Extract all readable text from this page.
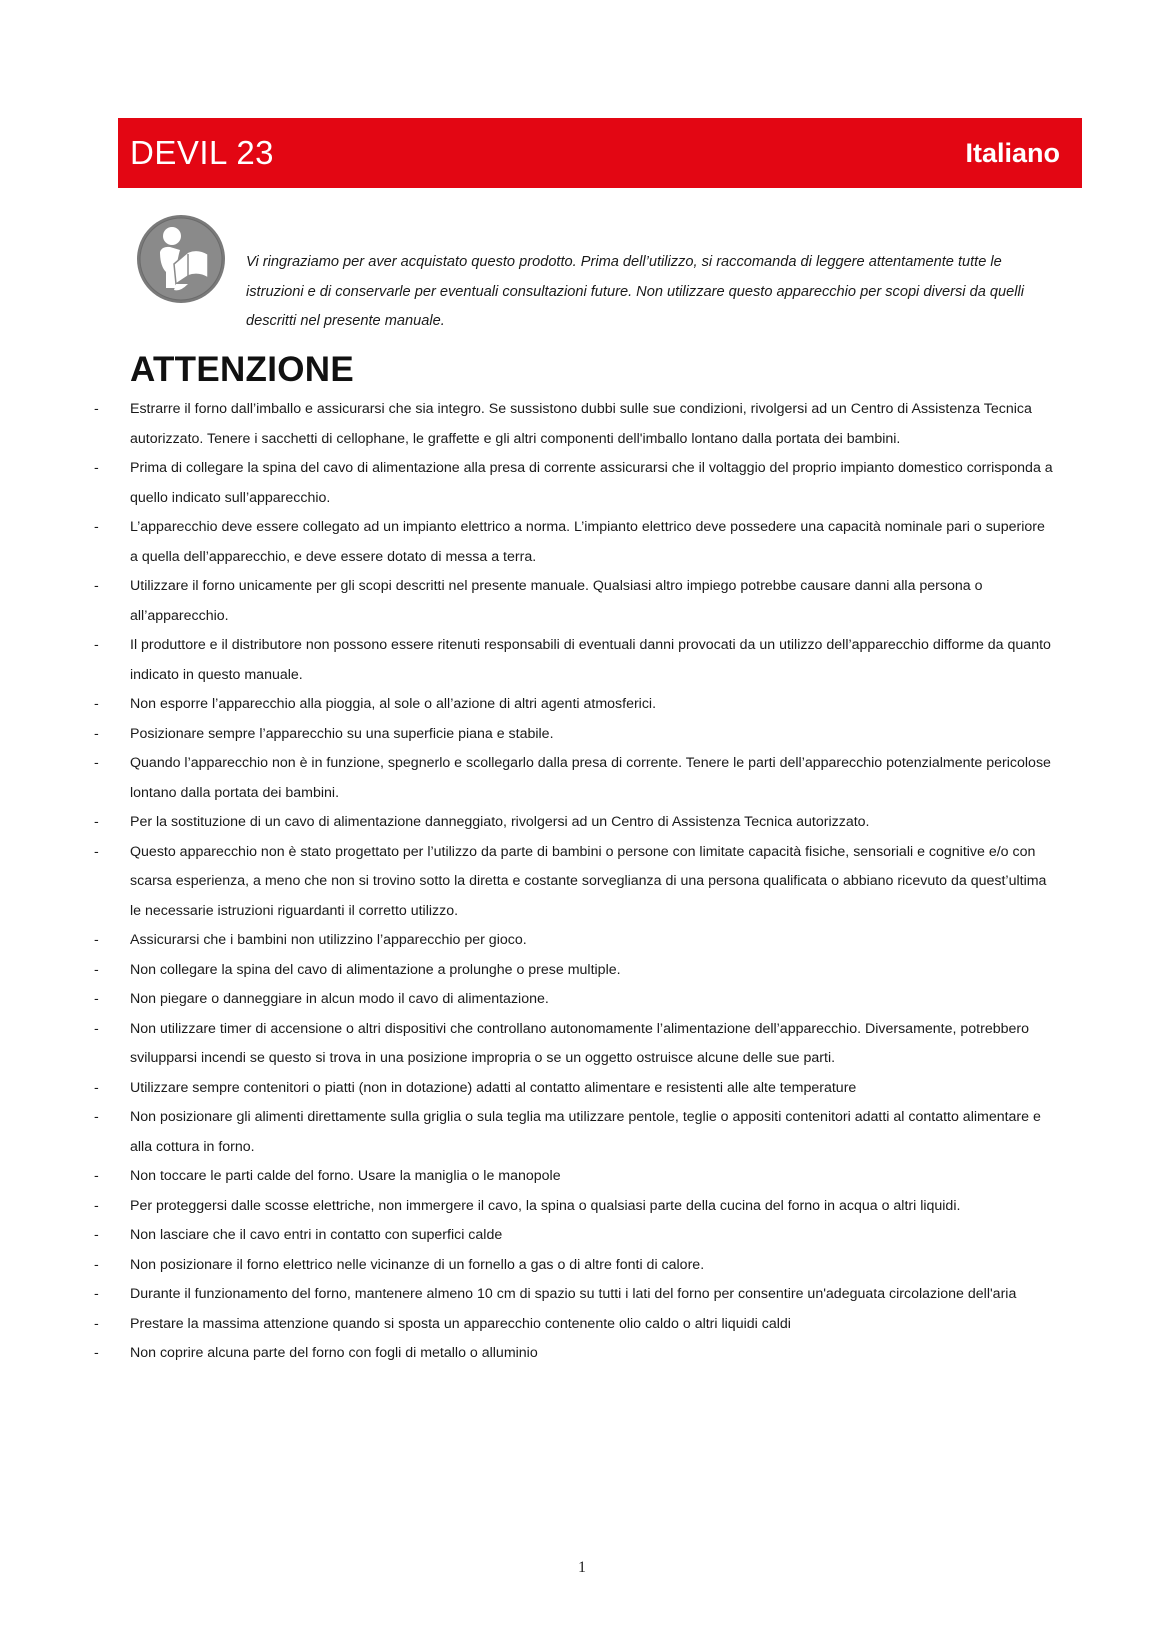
DEVIL 23	Italiano

Vi ringraziamo per aver acquistato questo prodotto. Prima dell’utilizzo, si raccomanda di leggere attentamente tutte le istruzioni e di conservarle per eventuali consultazioni future. Non utilizzare questo apparecchio per scopi diversi da quelli descritti nel presente manuale.

ATTENZIONE
- Estrarre il forno dall’imballo e assicurarsi che sia integro. Se sussistono dubbi sulle sue condizioni, rivolgersi ad un Centro di Assistenza Tecnica autorizzato. Tenere i sacchetti di cellophane, le graffette e gli altri componenti dell'imballo lontano dalla portata dei bambini.
- Prima di collegare la spina del cavo di alimentazione alla presa di corrente assicurarsi che il voltaggio del proprio impianto domestico corrisponda a quello indicato sull’apparecchio.
- L’apparecchio deve essere collegato ad un impianto elettrico a norma. L’impianto elettrico deve possedere una capacità nominale pari o superiore a quella dell’apparecchio, e deve essere dotato di messa a terra.
- Utilizzare il forno unicamente per gli scopi descritti nel presente manuale. Qualsiasi altro impiego potrebbe causare danni alla persona o all’apparecchio.
- Il produttore e il distributore non possono essere ritenuti responsabili di eventuali danni provocati da un utilizzo dell’apparecchio difforme da quanto indicato in questo manuale.
- Non esporre l’apparecchio alla pioggia, al sole o all’azione di altri agenti atmosferici.
- Posizionare sempre l’apparecchio su una superficie piana e stabile.
- Quando l’apparecchio non è in funzione, spegnerlo e scollegarlo dalla presa di corrente. Tenere le parti dell’apparecchio potenzialmente pericolose lontano dalla portata dei bambini.
- Per la sostituzione di un cavo di alimentazione danneggiato, rivolgersi ad un Centro di Assistenza Tecnica autorizzato.
- Questo apparecchio non è stato progettato per l’utilizzo da parte di bambini o persone con limitate capacità fisiche, sensoriali e cognitive e/o con scarsa esperienza, a meno che non si trovino sotto la diretta e costante sorveglianza di una persona qualificata o abbiano ricevuto da quest’ultima le necessarie istruzioni riguardanti il corretto utilizzo.
- Assicurarsi che i bambini non utilizzino l’apparecchio per gioco.
- Non collegare la spina del cavo di alimentazione a prolunghe o prese multiple.
- Non piegare o danneggiare in alcun modo il cavo di alimentazione.
- Non utilizzare timer di accensione o altri dispositivi che controllano autonomamente l’alimentazione dell’apparecchio. Diversamente, potrebbero svilupparsi incendi se questo si trova in una posizione impropria o se un oggetto ostruisce alcune delle sue parti.
- Utilizzare sempre contenitori o piatti (non in dotazione) adatti al contatto alimentare e resistenti alle alte temperature
- Non posizionare gli alimenti direttamente sulla griglia o sula teglia ma utilizzare pentole, teglie o appositi contenitori adatti al contatto alimentare e alla cottura in forno.
- Non toccare le parti calde del forno. Usare la maniglia o le manopole
- Per proteggersi dalle scosse elettriche, non immergere il cavo, la spina o qualsiasi parte della cucina del forno in acqua o altri liquidi.
- Non lasciare che il cavo entri in contatto con superfici calde
- Non posizionare il forno elettrico nelle vicinanze di un fornello a gas o di altre fonti di calore.
- Durante il funzionamento del forno, mantenere almeno 10 cm di spazio su tutti i lati del forno per consentire un'adeguata circolazione dell'aria
- Prestare la massima attenzione quando si sposta un apparecchio contenente olio caldo o altri liquidi caldi
- Non coprire alcuna parte del forno con fogli di metallo o alluminio
1
